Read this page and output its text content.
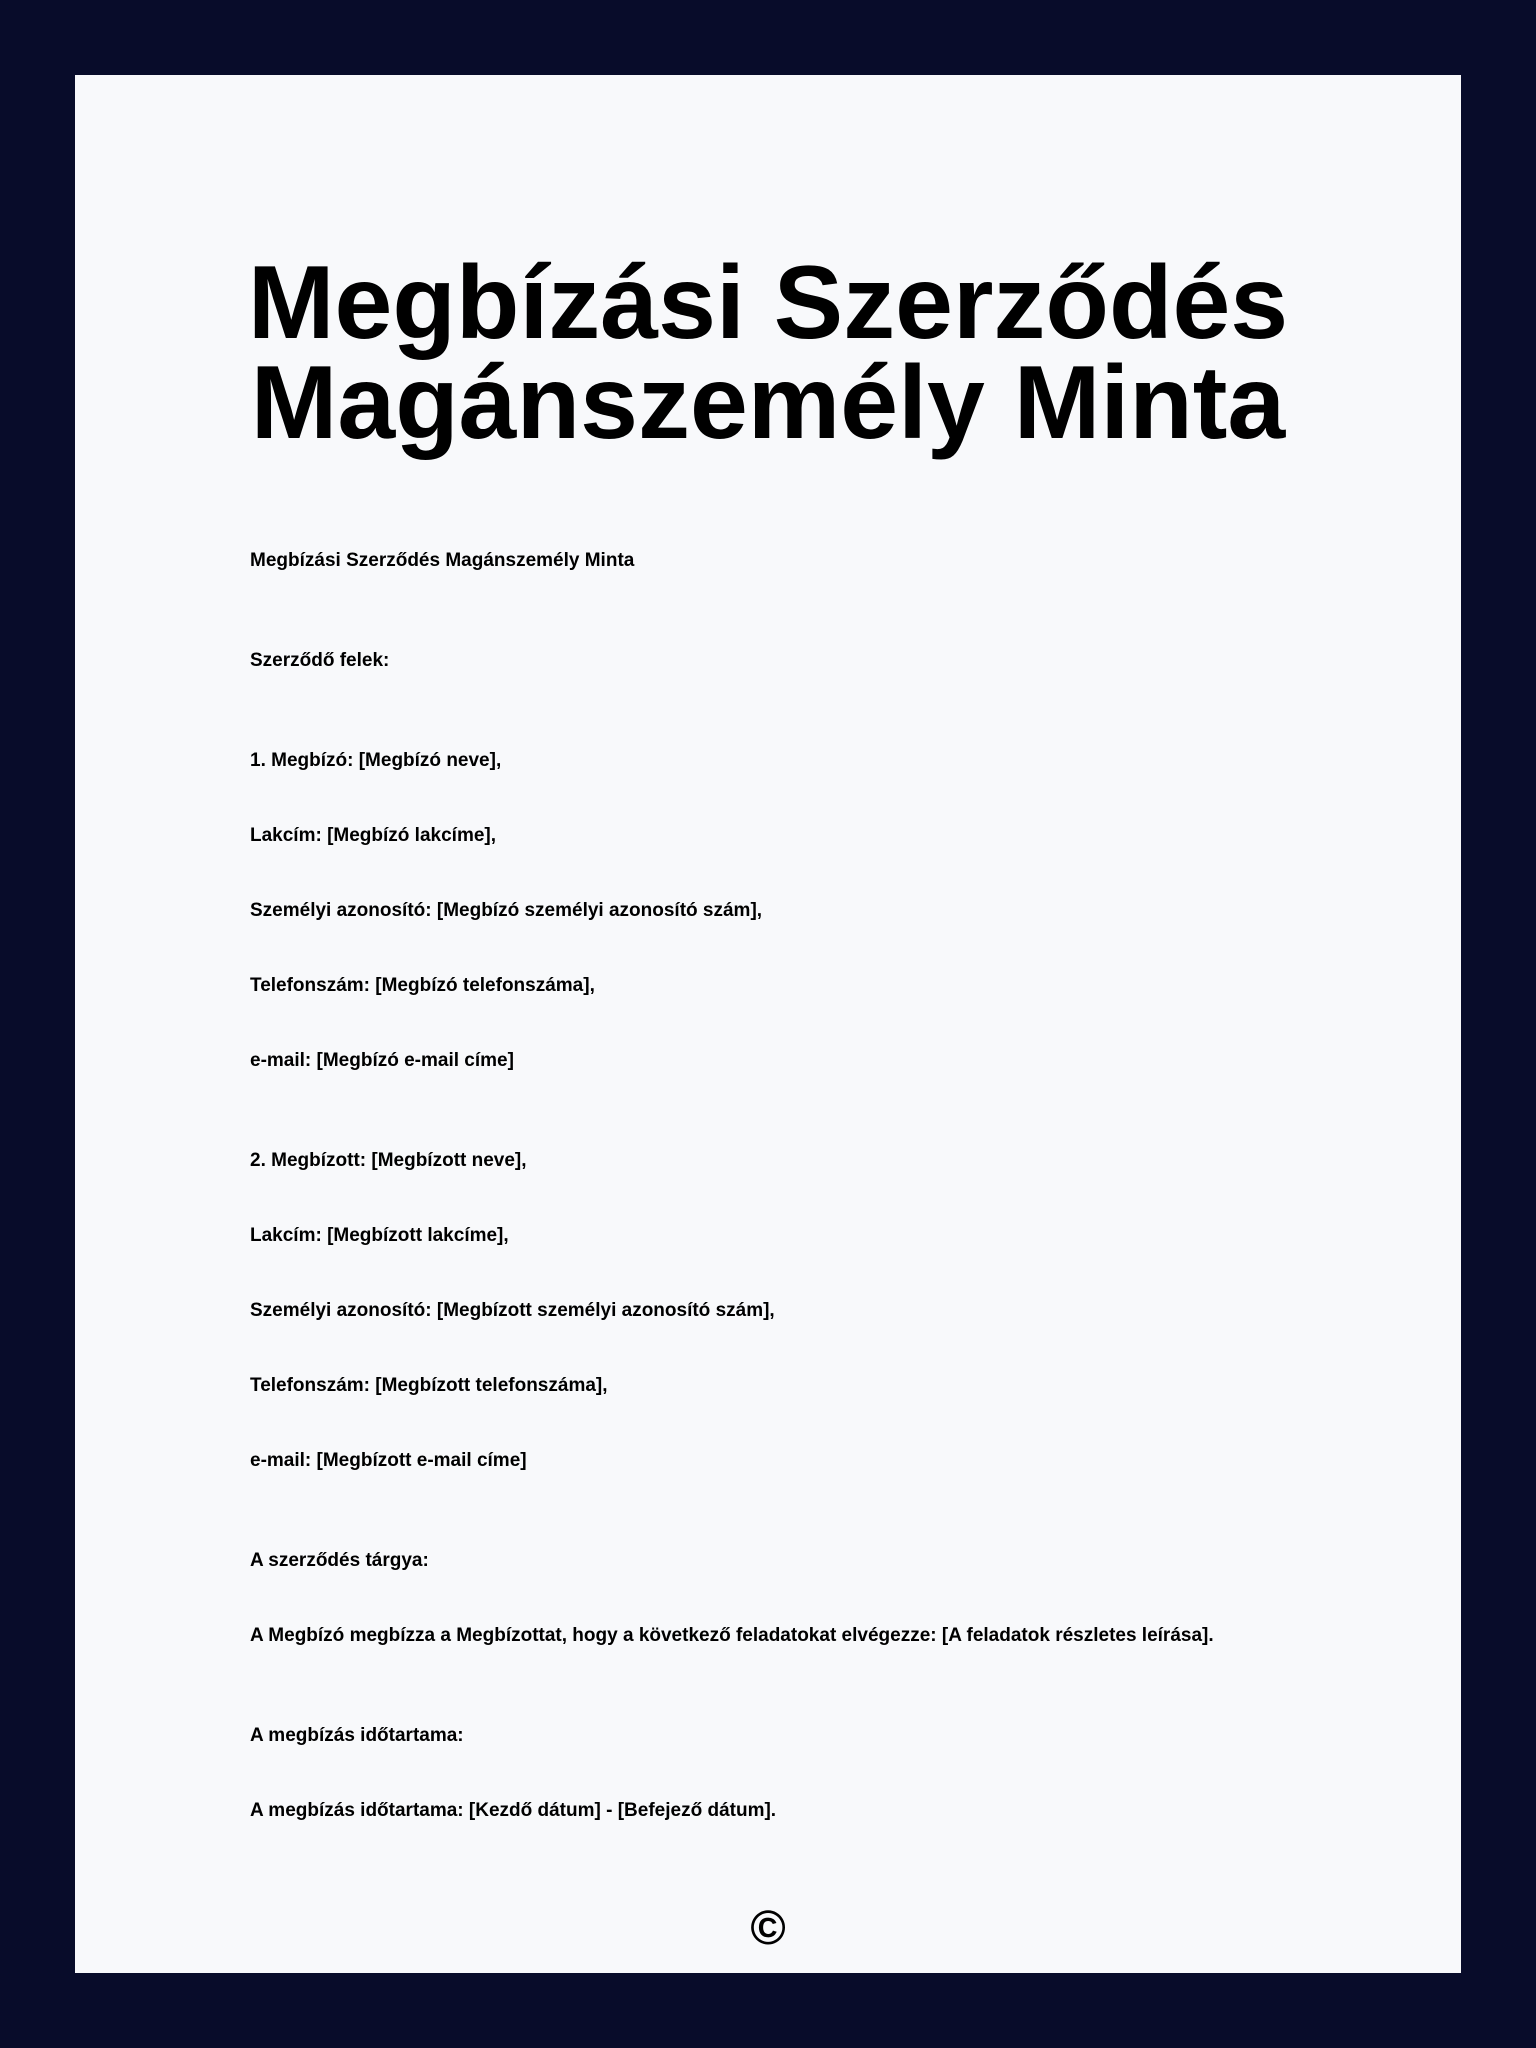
Megbízási Szerződés
Magánszemély Minta
Megbízási Szerződés Magánszemély Minta
Szerződő felek:
1. Megbízó: [Megbízó neve],
Lakcím: [Megbízó lakcíme],
Személyi azonosító: [Megbízó személyi azonosító szám],
Telefonszám: [Megbízó telefonszáma],
e-mail: [Megbízó e-mail címe]
2. Megbízott: [Megbízott neve],
Lakcím: [Megbízott lakcíme],
Személyi azonosító: [Megbízott személyi azonosító szám],
Telefonszám: [Megbízott telefonszáma],
e-mail: [Megbízott e-mail címe]
A szerződés tárgya:
A Megbízó megbízza a Megbízottat, hogy a következő feladatokat elvégezze: [A feladatok részletes leírása].
A megbízás időtartama:
A megbízás időtartama: [Kezdő dátum] - [Befejező dátum].
©
